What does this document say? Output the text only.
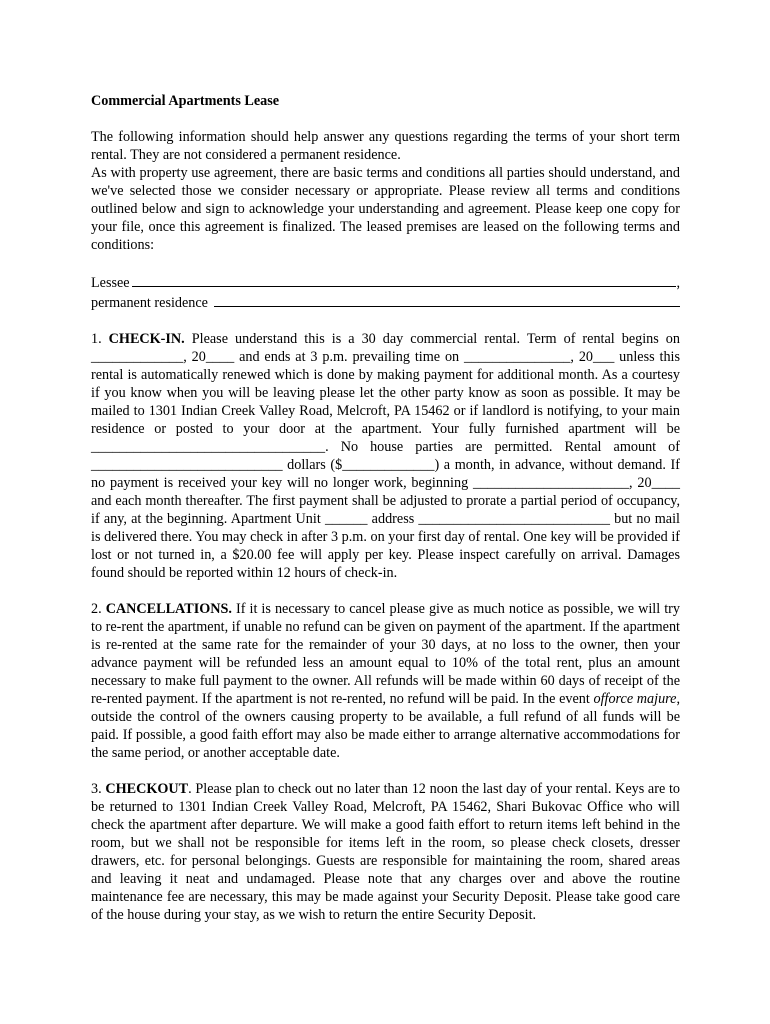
Commercial Apartments Lease

The following information should help answer any questions regarding the terms of your short term rental. They are not considered a permanent residence.

As with property use agreement, there are basic terms and conditions all parties should understand, and we've selected those we consider necessary or appropriate. Please review all terms and conditions outlined below and sign to acknowledge your understanding and agreement. Please keep one copy for your file, once this agreement is finalized. The leased premises are leased on the following terms and conditions:

Lessee	,
permanent residence

1. CHECK-IN. Please understand this is a 30 day commercial rental. Term of rental begins on _____________, 20____ and ends at 3 p.m. prevailing time on _______________, 20___ unless this rental is automatically renewed which is done by making payment for additional month. As a courtesy if you know when you will be leaving please let the other party know as soon as possible. It may be mailed to 1301 Indian Creek Valley Road, Melcroft, PA 15462 or if landlord is notifying, to your main residence or posted to your door at the apartment. Your fully furnished apartment will be _________________________________. No house parties are permitted. Rental amount of ___________________________ dollars ($_____________) a month, in advance, without demand. If no payment is received your key will no longer work, beginning ______________________, 20____ and each month thereafter. The first payment shall be adjusted to prorate a partial period of occupancy, if any, at the beginning. Apartment Unit ______ address ___________________________ but no mail is delivered there. You may check in after 3 p.m. on your first day of rental. One key will be provided if lost or not turned in, a $20.00 fee will apply per key. Please inspect carefully on arrival. Damages found should be reported within 12 hours of check-in.

2. CANCELLATIONS. If it is necessary to cancel please give as much notice as possible, we will try to re-rent the apartment, if unable no refund can be given on payment of the apartment. If the apartment is re-rented at the same rate for the remainder of your 30 days, at no loss to the owner, then your advance payment will be refunded less an amount equal to 10% of the total rent, plus an amount necessary to make full payment to the owner. All refunds will be made within 60 days of receipt of the re-rented payment. If the apartment is not re-rented, no refund will be paid. In the event offorce majure, outside the control of the owners causing property to be available, a full refund of all funds will be paid. If possible, a good faith effort may also be made either to arrange alternative accommodations for the same period, or another acceptable date.

3. CHECKOUT. Please plan to check out no later than 12 noon the last day of your rental. Keys are to be returned to 1301 Indian Creek Valley Road, Melcroft, PA 15462, Shari Bukovac Office who will check the apartment after departure. We will make a good faith effort to return items left behind in the room, but we shall not be responsible for items left in the room, so please check closets, dresser drawers, etc. for personal belongings. Guests are responsible for maintaining the room, shared areas and leaving it neat and undamaged. Please note that any charges over and above the routine maintenance fee are necessary, this may be made against your Security Deposit. Please take good care of the house during your stay, as we wish to return the entire Security Deposit.
